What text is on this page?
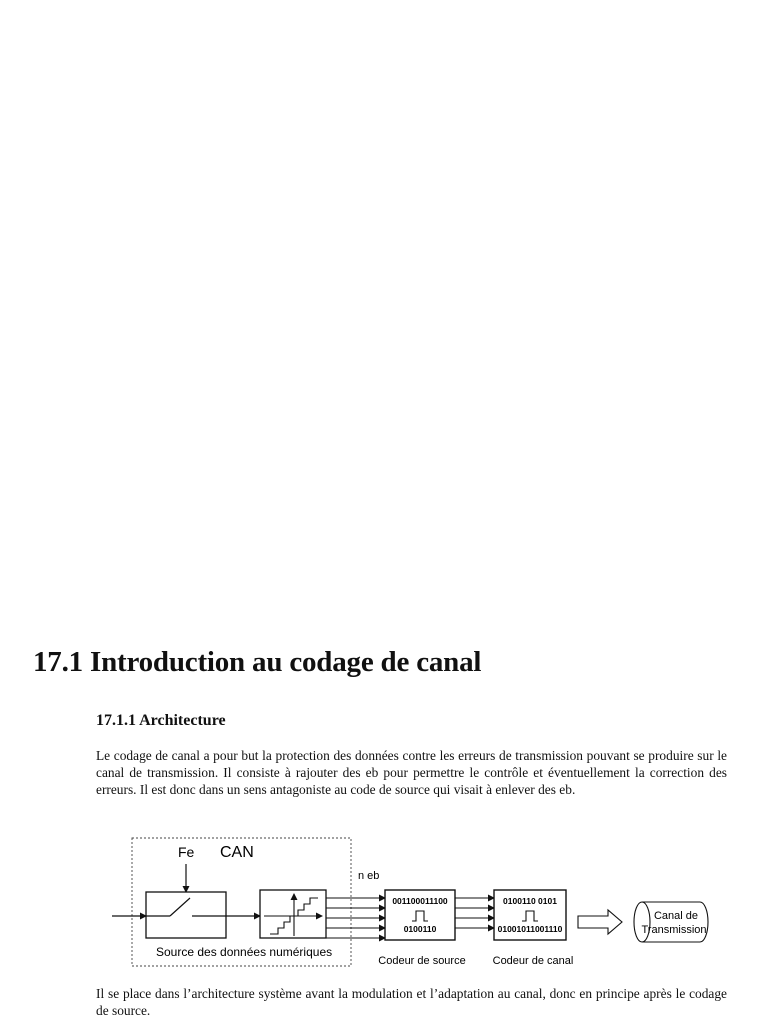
17.1 Introduction au codage de canal
17.1.1 Architecture

Le codage de canal a pour but la protection des données contre les erreurs de transmission pouvant se produire sur le canal de transmission. Il consiste à rajouter des eb pour permettre le contrôle et éventuellement la correction des erreurs. Il est donc dans un sens antagoniste au code de source qui visait à enlever des eb.

Fe CAN
Source des données numériques
n eb
001100011100
0100110
Codeur de source
0100110 0101
01001011001110
Codeur de canal
Canal de
Transmission

Il se place dans l’architecture système avant la modulation et l’adaptation au canal, donc en principe après le codage de source.
